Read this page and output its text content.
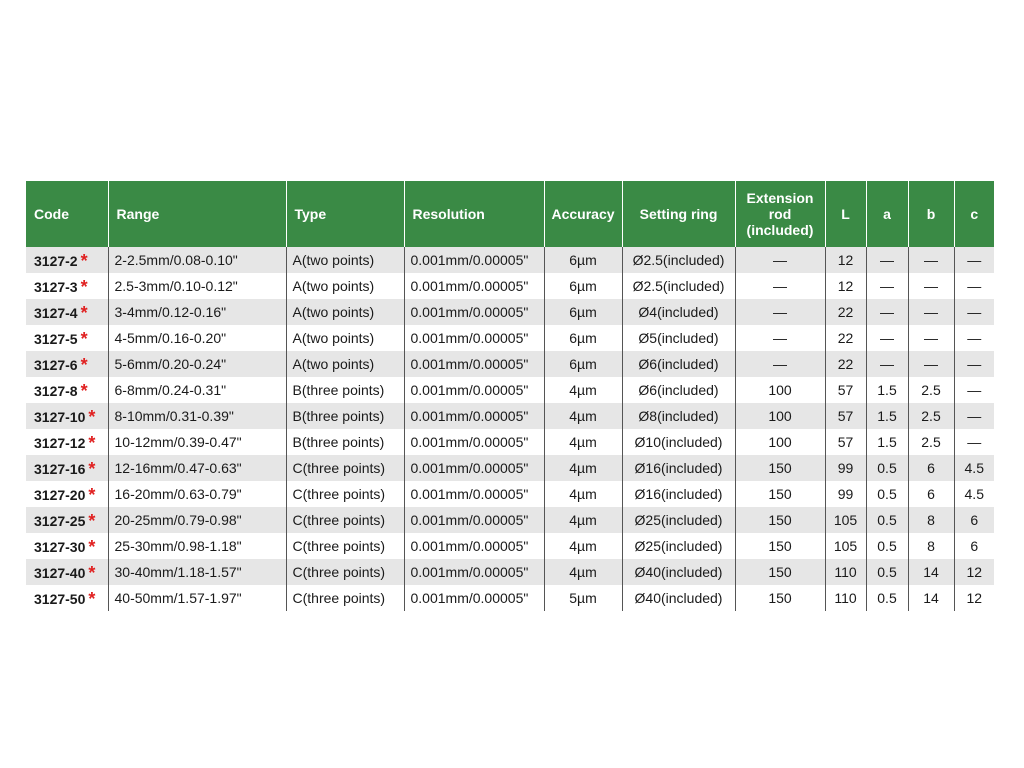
Code	Range	Type	Resolution	Accuracy	Setting ring	Extension
rod
(included)	L	a	b	c
3127-2 *	2-2.5mm/0.08-0.10"	A(two points)	0.001mm/0.00005"	6µm	Ø2.5(included)	—	12	—	—	—
3127-3 *	2.5-3mm/0.10-0.12"	A(two points)	0.001mm/0.00005"	6µm	Ø2.5(included)	—	12	—	—	—
3127-4 *	3-4mm/0.12-0.16"	A(two points)	0.001mm/0.00005"	6µm	Ø4(included)	—	22	—	—	—
3127-5 *	4-5mm/0.16-0.20"	A(two points)	0.001mm/0.00005"	6µm	Ø5(included)	—	22	—	—	—
3127-6 *	5-6mm/0.20-0.24"	A(two points)	0.001mm/0.00005"	6µm	Ø6(included)	—	22	—	—	—
3127-8 *	6-8mm/0.24-0.31"	B(three points)	0.001mm/0.00005"	4µm	Ø6(included)	100	57	1.5	2.5	—
3127-10 *	8-10mm/0.31-0.39"	B(three points)	0.001mm/0.00005"	4µm	Ø8(included)	100	57	1.5	2.5	—
3127-12 *	10-12mm/0.39-0.47"	B(three points)	0.001mm/0.00005"	4µm	Ø10(included)	100	57	1.5	2.5	—
3127-16 *	12-16mm/0.47-0.63"	C(three points)	0.001mm/0.00005"	4µm	Ø16(included)	150	99	0.5	6	4.5
3127-20 *	16-20mm/0.63-0.79"	C(three points)	0.001mm/0.00005"	4µm	Ø16(included)	150	99	0.5	6	4.5
3127-25 *	20-25mm/0.79-0.98"	C(three points)	0.001mm/0.00005"	4µm	Ø25(included)	150	105	0.5	8	6
3127-30 *	25-30mm/0.98-1.18"	C(three points)	0.001mm/0.00005"	4µm	Ø25(included)	150	105	0.5	8	6
3127-40 *	30-40mm/1.18-1.57"	C(three points)	0.001mm/0.00005"	4µm	Ø40(included)	150	110	0.5	14	12
3127-50 *	40-50mm/1.57-1.97"	C(three points)	0.001mm/0.00005"	5µm	Ø40(included)	150	110	0.5	14	12
